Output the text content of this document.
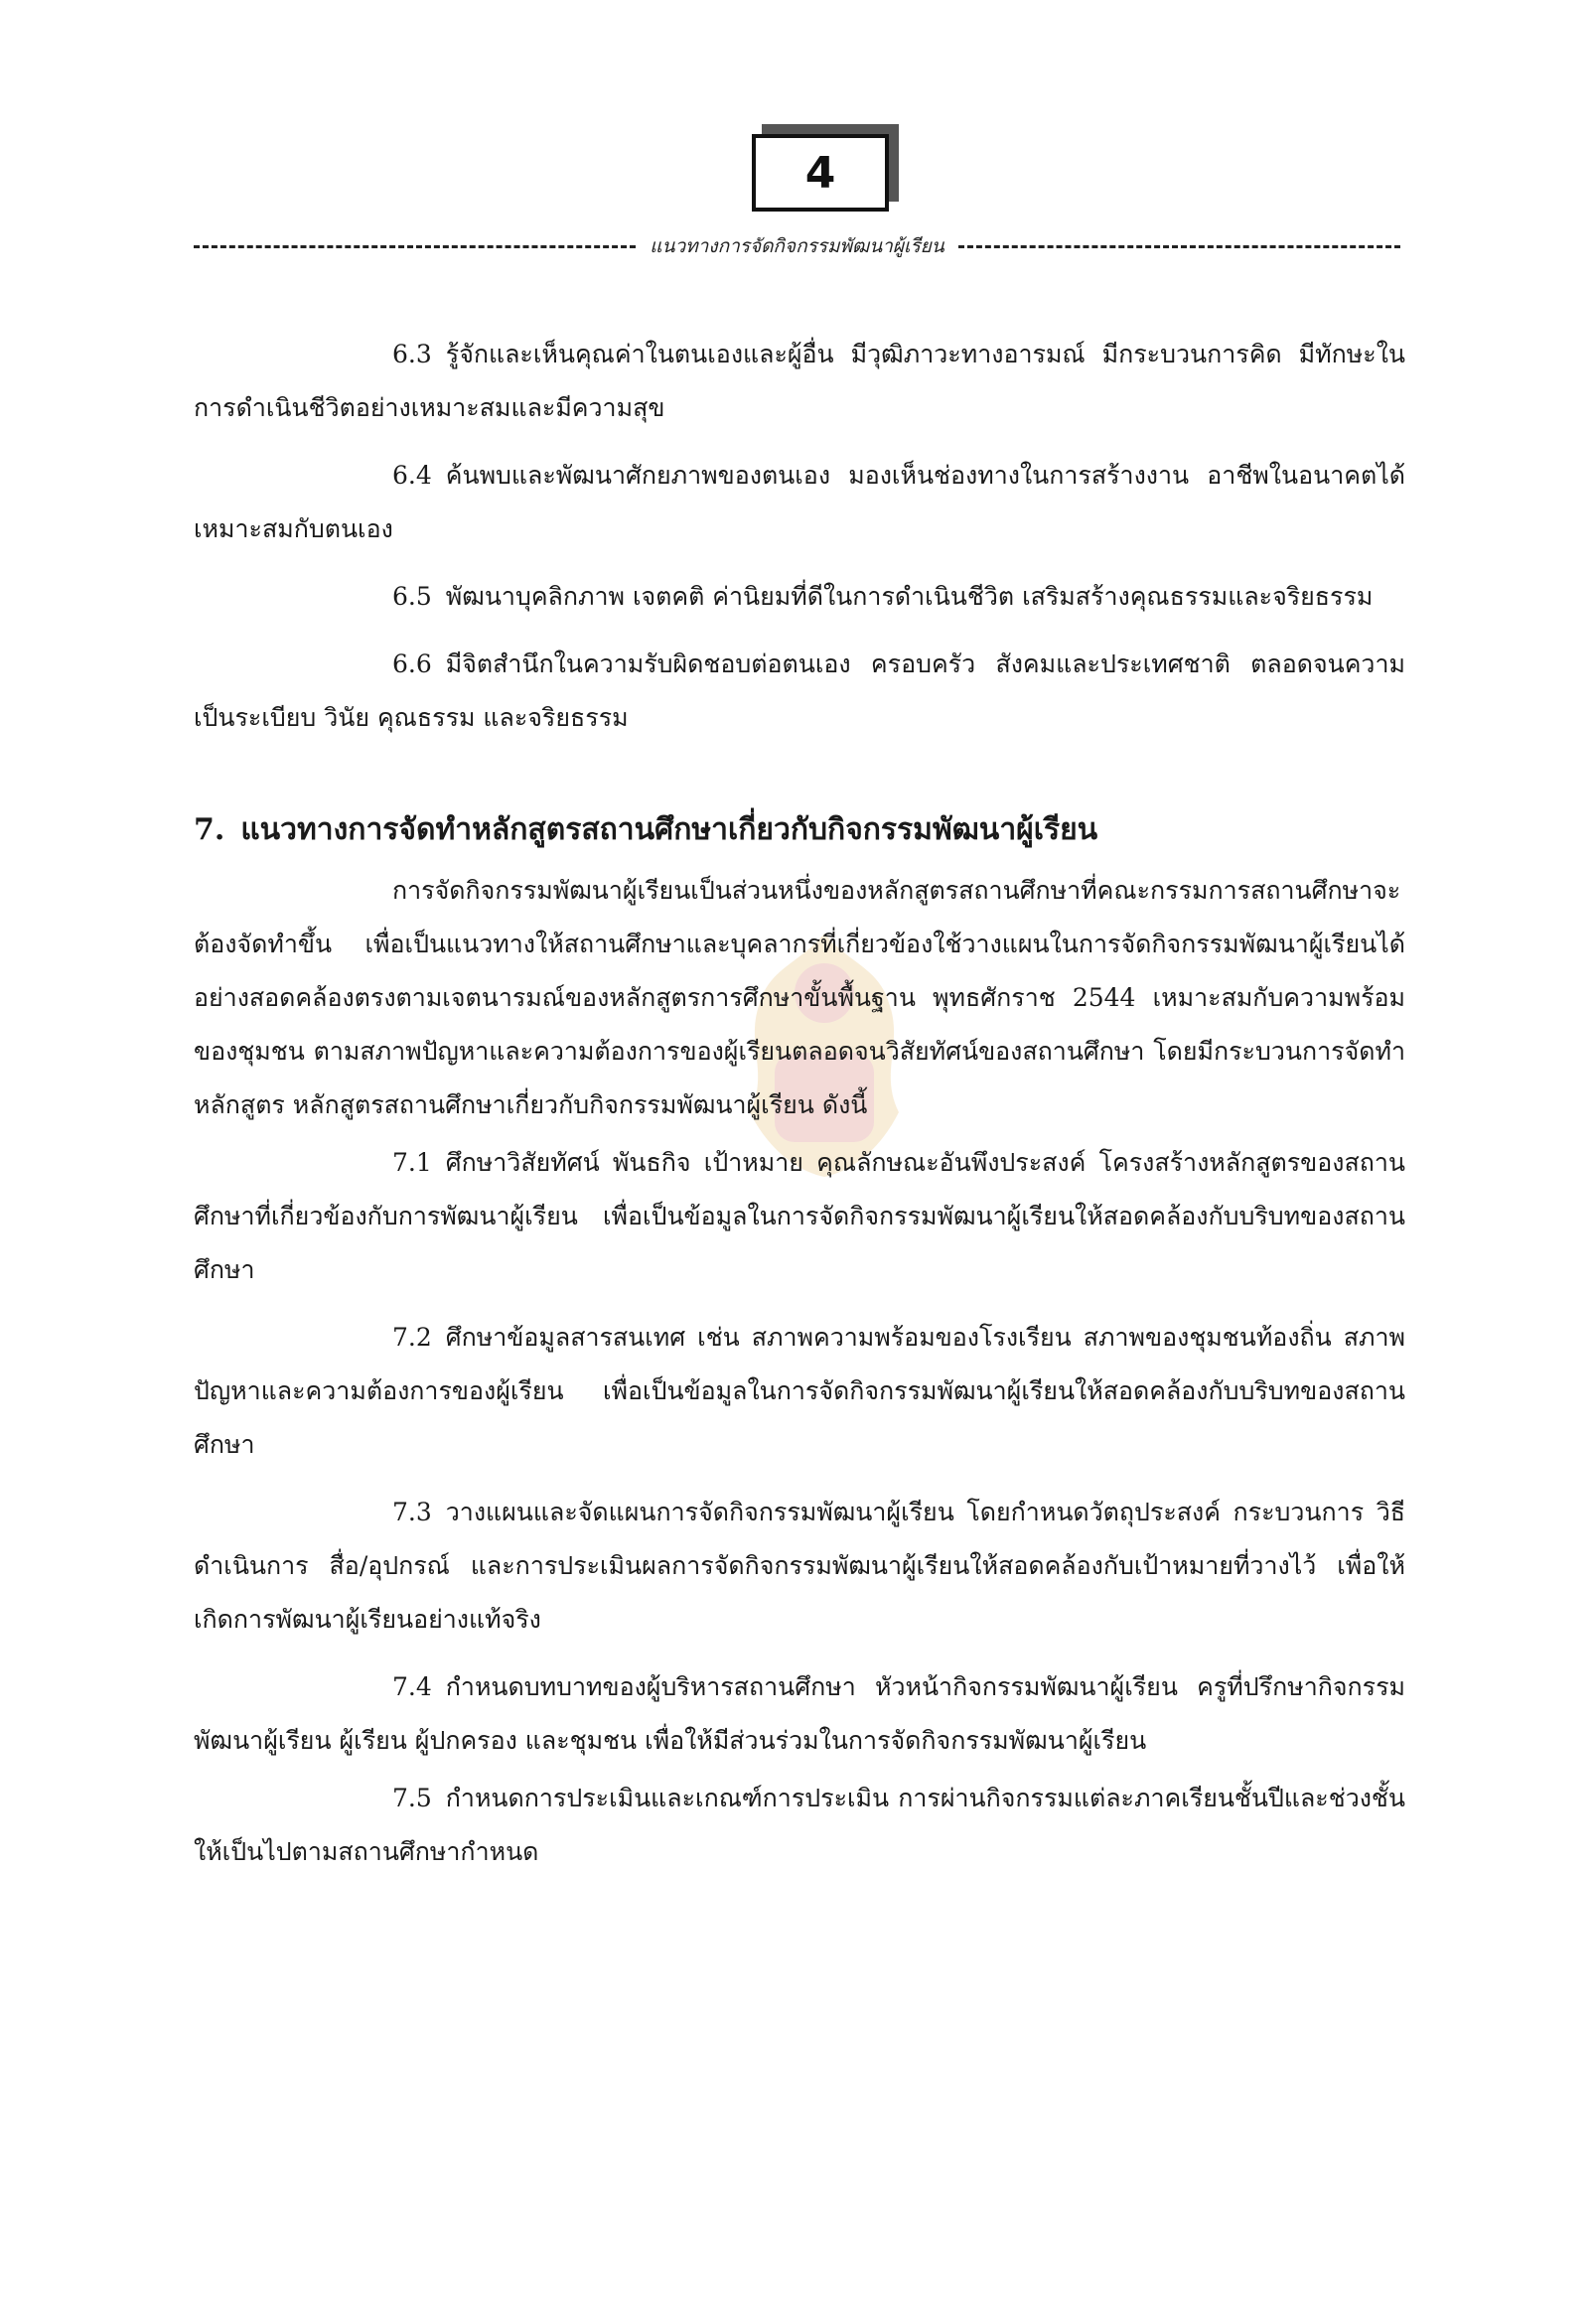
4
แนวทางการจัดกิจกรรมพัฒนาผู้เรียน

6.3 รู้จักและเห็นคุณค่าในตนเองและผู้อื่น มีวุฒิภาวะทางอารมณ์ มีกระบวนการคิด มีทักษะในการดำเนินชีวิตอย่างเหมาะสมและมีความสุข

6.4 ค้นพบและพัฒนาศักยภาพของตนเอง มองเห็นช่องทางในการสร้างงาน อาชีพในอนาคตได้เหมาะสมกับตนเอง

6.5 พัฒนาบุคลิกภาพ เจตคติ ค่านิยมที่ดีในการดำเนินชีวิต เสริมสร้างคุณธรรมและจริยธรรม

6.6 มีจิตสำนึกในความรับผิดชอบต่อตนเอง ครอบครัว สังคมและประเทศชาติ ตลอดจนความเป็นระเบียบ วินัย คุณธรรม และจริยธรรม

7. แนวทางการจัดทำหลักสูตรสถานศึกษาเกี่ยวกับกิจกรรมพัฒนาผู้เรียน

การจัดกิจกรรมพัฒนาผู้เรียนเป็นส่วนหนึ่งของหลักสูตรสถานศึกษาที่คณะกรรมการสถานศึกษาจะต้องจัดทำขึ้น เพื่อเป็นแนวทางให้สถานศึกษาและบุคลากรที่เกี่ยวข้องใช้วางแผนในการจัดกิจกรรมพัฒนาผู้เรียนได้อย่างสอดคล้องตรงตามเจตนารมณ์ของหลักสูตรการศึกษาขั้นพื้นฐาน พุทธศักราช 2544 เหมาะสมกับความพร้อมของชุมชน ตามสภาพปัญหาและความต้องการของผู้เรียนตลอดจนวิสัยทัศน์ของสถานศึกษา โดยมีกระบวนการจัดทำหลักสูตร หลักสูตรสถานศึกษาเกี่ยวกับกิจกรรมพัฒนาผู้เรียน ดังนี้

7.1 ศึกษาวิสัยทัศน์ พันธกิจ เป้าหมาย คุณลักษณะอันพึงประสงค์ โครงสร้างหลักสูตรของสถานศึกษาที่เกี่ยวข้องกับการพัฒนาผู้เรียน เพื่อเป็นข้อมูลในการจัดกิจกรรมพัฒนาผู้เรียนให้สอดคล้องกับบริบทของสถานศึกษา

7.2 ศึกษาข้อมูลสารสนเทศ เช่น สภาพความพร้อมของโรงเรียน สภาพของชุมชนท้องถิ่น สภาพปัญหาและความต้องการของผู้เรียน เพื่อเป็นข้อมูลในการจัดกิจกรรมพัฒนาผู้เรียนให้สอดคล้องกับบริบทของสถานศึกษา

7.3 วางแผนและจัดแผนการจัดกิจกรรมพัฒนาผู้เรียน โดยกำหนดวัตถุประสงค์ กระบวนการ วิธีดำเนินการ สื่อ/อุปกรณ์ และการประเมินผลการจัดกิจกรรมพัฒนาผู้เรียนให้สอดคล้องกับเป้าหมายที่วางไว้ เพื่อให้เกิดการพัฒนาผู้เรียนอย่างแท้จริง

7.4 กำหนดบทบาทของผู้บริหารสถานศึกษา หัวหน้ากิจกรรมพัฒนาผู้เรียน ครูที่ปรึกษากิจกรรมพัฒนาผู้เรียน ผู้เรียน ผู้ปกครอง และชุมชน เพื่อให้มีส่วนร่วมในการจัดกิจกรรมพัฒนาผู้เรียน

7.5 กำหนดการประเมินและเกณฑ์การประเมิน การผ่านกิจกรรมแต่ละภาคเรียนชั้นปีและช่วงชั้นให้เป็นไปตามสถานศึกษากำหนด
